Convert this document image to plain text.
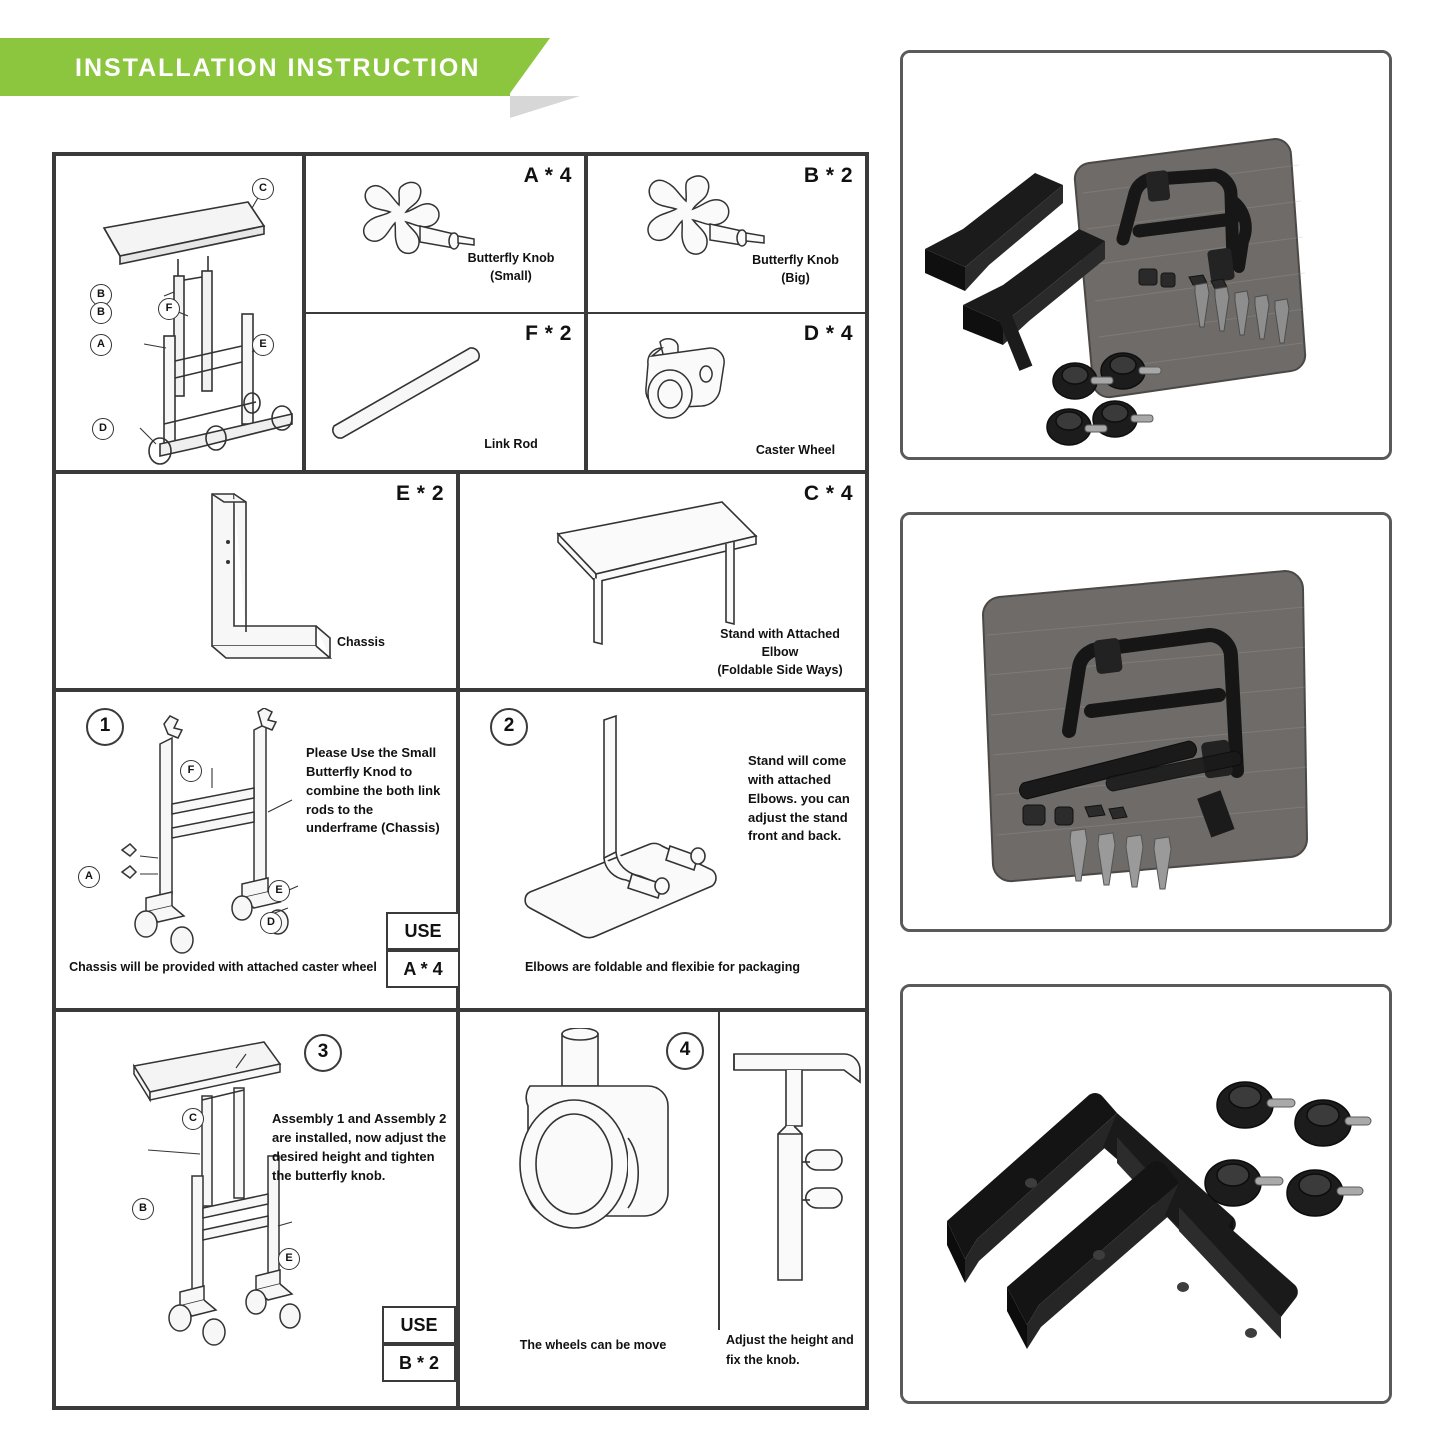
INSTALLATION INSTRUCTION
C
B
B	F
A	E
D
A * 4
Butterfly Knob
(Small)
B * 2
Butterfly Knob
(Big)
F * 2
Link Rod
D * 4
Caster Wheel
E * 2
Chassis
C * 4
Stand with Attached
Elbow
(Foldable Side Ways)
1
F
A
E
D
Please Use the Small Butterfly Knod to combine the both link rods to the underframe (Chassis)
USE
A * 4
Chassis will be provided with attached caster wheel
2
Stand will come with attached Elbows. you can adjust the stand front and back.
Elbows are foldable and flexibie for packaging
3
C
B
E
Assembly 1 and Assembly 2 are installed, now adjust the desired height and tighten the butterfly knob.
USE
B * 2
4
The wheels can be move	Adjust the height and fix the knob.
